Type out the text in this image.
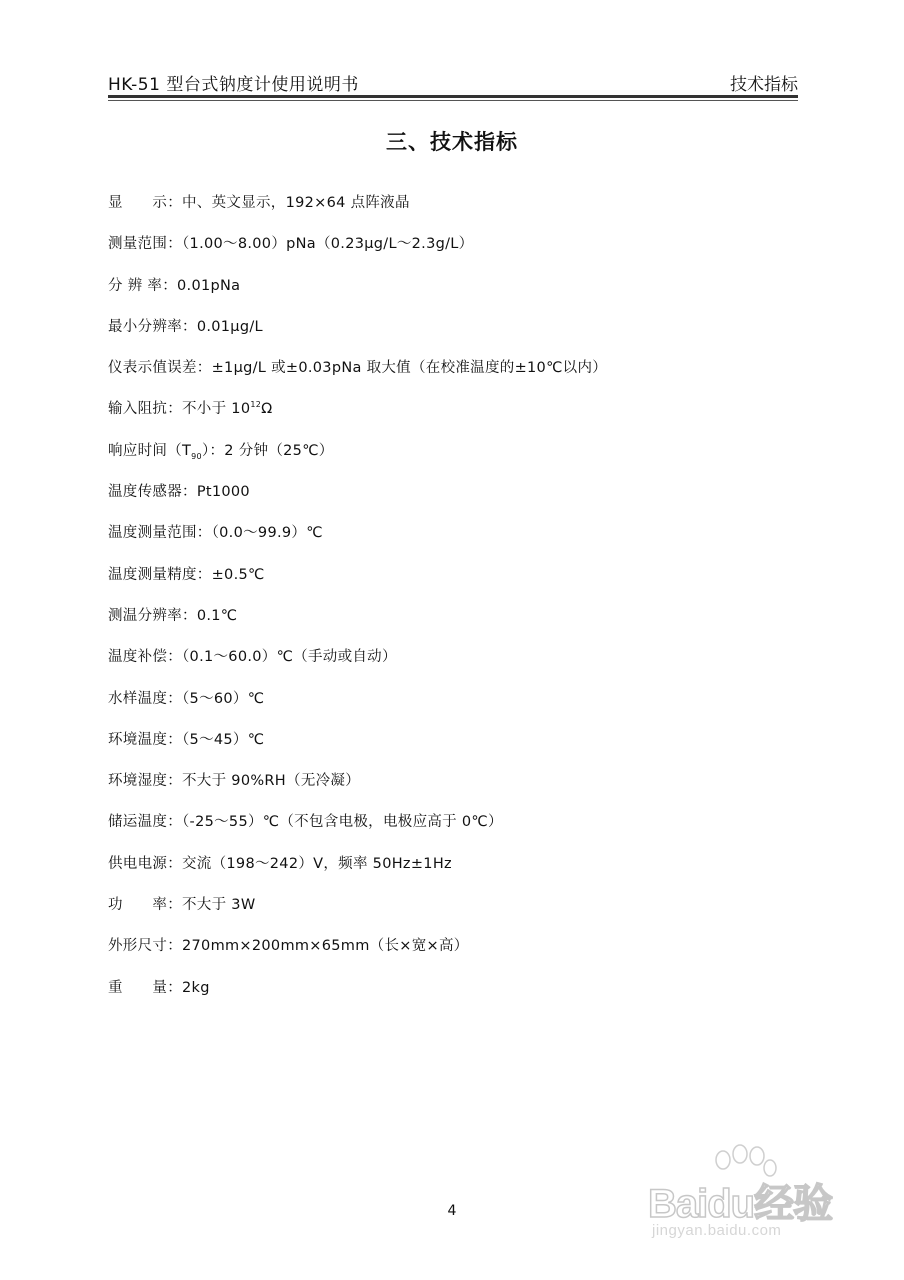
HK-51 型台式钠度计使用说明书	技术指标
三、技术指标
显　　示：中、英文显示，192×64 点阵液晶
测量范围：（1.00～8.00）pNa（0.23μg/L～2.3g/L）
分 辨 率：0.01pNa
最小分辨率：0.01μg/L
仪表示值误差：±1μg/L 或±0.03pNa 取大值（在校准温度的±10℃以内）
输入阻抗：不小于 $10^{12}\Omega$
响应时间$(T_{90})$：2 分钟（25℃）
温度传感器：Pt1000
温度测量范围：（0.0～99.9）℃
温度测量精度：±0.5℃
测温分辨率：0.1℃
温度补偿：（0.1～60.0）℃（手动或自动）
水样温度：（5～60）℃
环境温度：（5～45）℃
环境湿度：不大于 90%RH（无冷凝）
储运温度：（-25～55）℃（不包含电极，电极应高于 0℃）
供电电源：交流（198～242）V，频率 50Hz±1Hz
功　　率：不大于 3W
外形尺寸：270mm×200mm×65mm（长×宽×高）
重　　量：2kg
4	Baidu经验
jingyan.baidu.com
